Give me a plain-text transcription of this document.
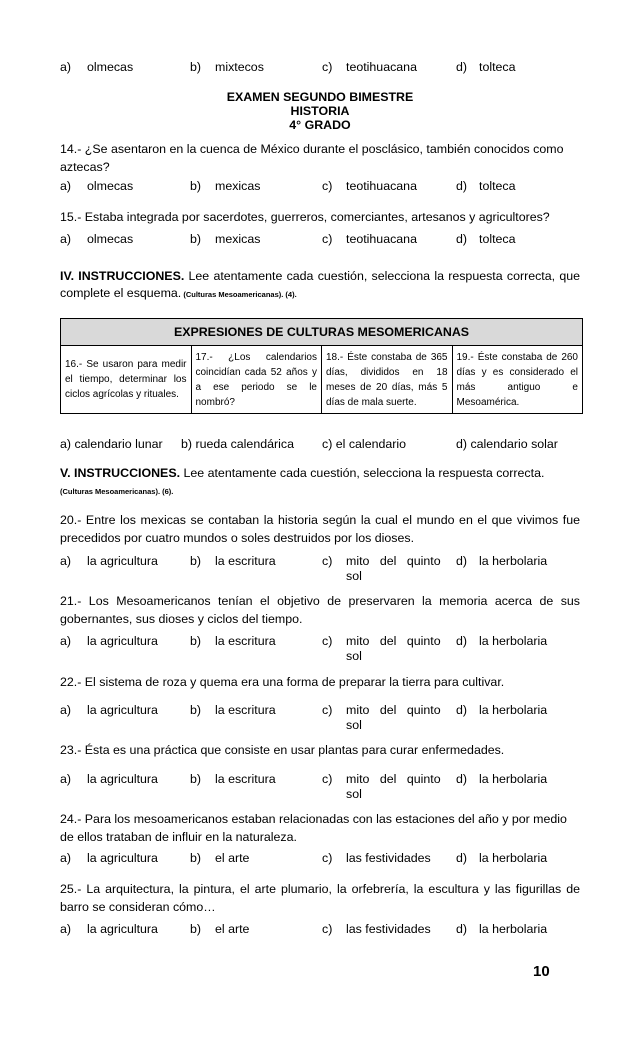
a) olmecas	b) mixtecos	c) teotihuacana	d) tolteca
EXAMEN SEGUNDO BIMESTRE
HISTORIA
4° GRADO
14.- ¿Se asentaron en la cuenca de México durante el posclásico, también conocidos como aztecas?
a) olmecas	b) mexicas	c) teotihuacana	d) tolteca
15.- Estaba integrada por sacerdotes, guerreros, comerciantes, artesanos y agricultores?
a) olmecas	b) mexicas	c) teotihuacana	d) tolteca
IV. INSTRUCCIONES. Lee atentamente cada cuestión, selecciona la respuesta correcta, que complete el esquema. (Culturas Mesoamericanas). (4).
EXPRESIONES DE CULTURAS MESOMERICANAS
16.- Se usaron para medir el tiempo, determinar los ciclos agrícolas y rituales.	17.- ¿Los calendarios coincidían cada 52 años y a ese periodo se le nombró?	18.- Éste constaba de 365 días, divididos en 18 meses de 20 días, más 5 días de mala suerte.	19.- Éste constaba de 260 días y es considerado el más antiguo e Mesoamérica.
a) calendario lunar b) rueda calendárica c) el calendario	d) calendario solar
V. INSTRUCCIONES. Lee atentamente cada cuestión, selecciona la respuesta correcta.
(Culturas Mesoamericanas). (6).
20.- Entre los mexicas se contaban la historia según la cual el mundo en el que vivimos fue precedidos por cuatro mundos o soles destruidos por los dioses.
a) la agricultura	b) la escritura	c) mito del quinto
sol
d) la herbolaria
21.- Los Mesoamericanos tenían el objetivo de preservaren la memoria acerca de sus gobernantes, sus dioses y ciclos del tiempo.
a) la agricultura	b) la escritura	c) mito del quinto
sol
d) la herbolaria
22.- El sistema de roza y quema era una forma de preparar la tierra para cultivar.
a) la agricultura	b) la escritura	c) mito del quinto
sol
d) la herbolaria
23.- Ésta es una práctica que consiste en usar plantas para curar enfermedades.
a) la agricultura	b) la escritura	c) mito del quinto
sol
d) la herbolaria
24.- Para los mesoamericanos estaban relacionadas con las estaciones del año y por medio de ellos trataban de influir en la naturaleza.
a) la agricultura	b) el arte	c) las festividades d) la herbolaria
25.- La arquitectura, la pintura, el arte plumario, la orfebrería, la escultura y las figurillas de barro se consideran cómo…
a) la agricultura	b) el arte	c) las festividades d) la herbolaria
10
